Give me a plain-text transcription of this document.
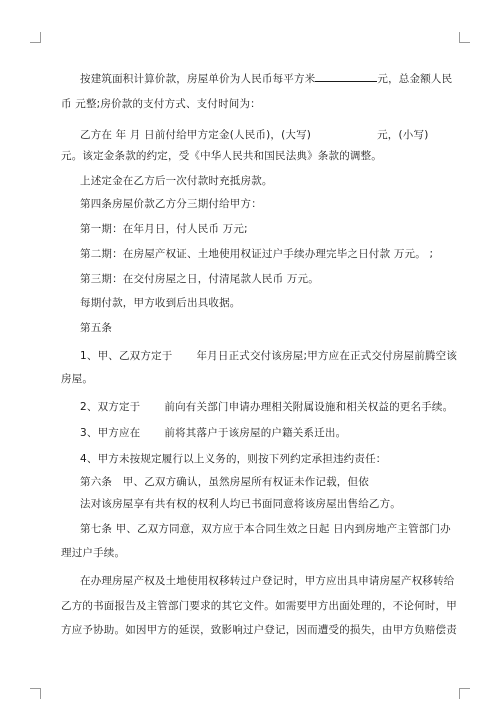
按建筑面积计算价款，房屋单价为人民币每平方米	元，总金额人民
币 元整;房价款的支付方式、支付时间为：
乙方在 年 月 日前付给甲方定金(人民币)，(大写)	元，(小写)
元。该定金条款的约定，受《中华人民共和国民法典》条款的调整。
上述定金在乙方后一次付款时充抵房款。
第四条房屋价款乙方分三期付给甲方：
第一期：在年月日，付人民币 万元;
第二期：在房屋产权证、土地使用权证过户手续办理完毕之日付款 万元。 ;
第三期：在交付房屋之日，付清尾款人民币 万元。
每期付款，甲方收到后出具收据。
第五条
1、甲、乙双方定于 年月日正式交付该房屋;甲方应在正式交付房屋前腾空该
房屋。
2、双方定于 前向有关部门申请办理相关附属设施和相关权益的更名手续。
3、甲方应在 前将其落户于该房屋的户籍关系迁出。
4、甲方未按规定履行以上义务的，则按下列约定承担违约责任：
第六条　甲、乙双方确认，虽然房屋所有权证未作记载，但依
法对该房屋享有共有权的权利人均已书面同意将该房屋出售给乙方。
第七条 甲、乙双方同意，双方应于本合同生效之日起 日内到房地产主管部门办
理过户手续。
在办理房屋产权及土地使用权移转过户登记时，甲方应出具申请房屋产权移转给
乙方的书面报告及主管部门要求的其它文件。如需要甲方出面处理的，不论何时，甲
方应予协助。如因甲方的延误，致影响过户登记，因而遭受的损失，由甲方负赔偿责
